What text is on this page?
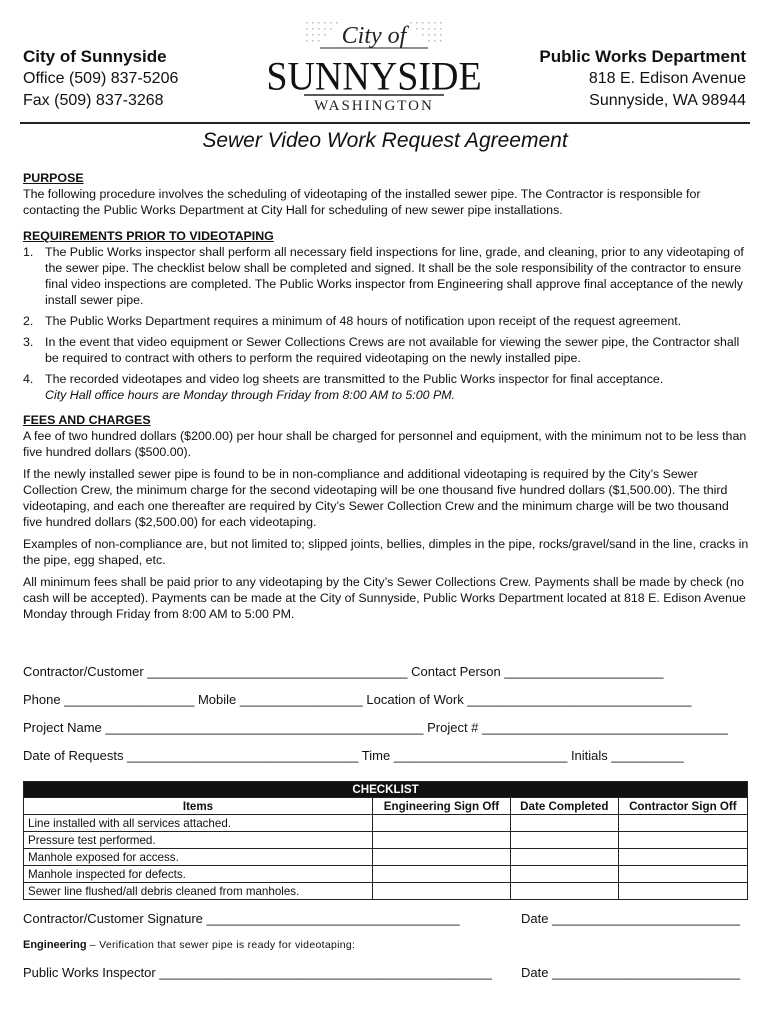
City of Sunnyside
Office (509) 837-5206
Fax (509) 837-3268
City of
SUNNYSIDE
WASHINGTON
Public Works Department
818 E. Edison Avenue
Sunnyside, WA 98944
Sewer Video Work Request Agreement
PURPOSE

The following procedure involves the scheduling of videotaping of the installed sewer pipe. The Contractor is responsible for contacting the Public Works Department at City Hall for scheduling of new sewer pipe installations.

REQUIREMENTS PRIOR TO VIDEOTAPING
1. The Public Works inspector shall perform all necessary field inspections for line, grade, and cleaning, prior to any videotaping of the sewer pipe. The checklist below shall be completed and signed. It shall be the sole responsibility of the contractor to ensure final video inspections are completed. The Public Works inspector from Engineering shall approve final acceptance of the newly install sewer pipe.
2. The Public Works Department requires a minimum of 48 hours of notification upon receipt of the request agreement.
3. In the event that video equipment or Sewer Collections Crews are not available for viewing the sewer pipe, the Contractor shall be required to contract with others to perform the required videotaping on the newly installed pipe.
4. The recorded videotapes and video log sheets are transmitted to the Public Works inspector for final acceptance.
City Hall office hours are Monday through Friday from 8:00 AM to 5:00 PM.
FEES AND CHARGES

A fee of two hundred dollars ($200.00) per hour shall be charged for personnel and equipment, with the minimum not to be less than five hundred dollars ($500.00).

If the newly installed sewer pipe is found to be in non-compliance and additional videotaping is required by the City’s Sewer Collection Crew, the minimum charge for the second videotaping will be one thousand five hundred dollars ($1,500.00). The third videotaping, and each one thereafter are required by City’s Sewer Collection Crew and the minimum charge will be two thousand five hundred dollars ($2,500.00) for each videotaping.

Examples of non-compliance are, but not limited to; slipped joints, bellies, dimples in the pipe, rocks/gravel/sand in the line, cracks in the pipe, egg shaped, etc.

All minimum fees shall be paid prior to any videotaping by the City’s Sewer Collections Crew. Payments shall be made by check (no cash will be accepted). Payments can be made at the City of Sunnyside, Public Works Department located at 818 E. Edison Avenue Monday through Friday from 8:00 AM to 5:00 PM.

Contractor/Customer ____________________________________ Contact Person ______________________
Phone __________________ Mobile _________________ Location of Work _______________________________
Project Name ____________________________________________ Project # __________________________________
Date of Requests ________________________________ Time ________________________ Initials __________
CHECKLIST			
Items	Engineering Sign Off	Date Completed	Contractor Sign Off
Line installed with all services attached.			
Pressure test performed.			
Manhole exposed for access.			
Manhole inspected for defects.			
Sewer line flushed/all debris cleaned from manholes.			
Contractor/Customer Signature ___________________________________	Date __________________________
Engineering – Verification that sewer pipe is ready for videotaping:
Public Works Inspector ______________________________________________ Date __________________________
